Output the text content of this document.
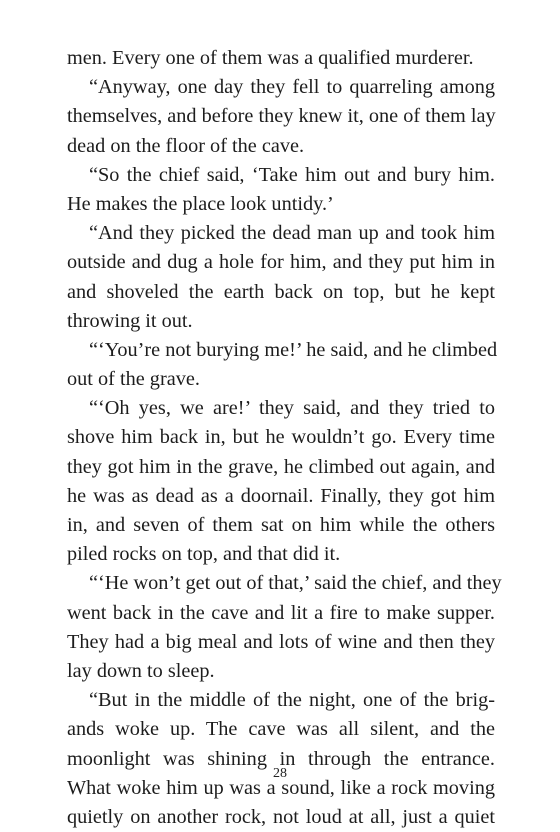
men. Every one of them was a qualified murderer.
“Anyway, one day they fell to quarreling among
themselves, and before they knew it, one of them lay
dead on the floor of the cave.
“So the chief said, ‘Take him out and bury him.
He makes the place look untidy.’
“And they picked the dead man up and took him
outside and dug a hole for him, and they put him in
and shoveled the earth back on top, but he kept
throwing it out.
“‘You’re not burying me!’ he said, and he climbed
out of the grave.
“‘Oh yes, we are!’ they said, and they tried to
shove him back in, but he wouldn’t go. Every time
they got him in the grave, he climbed out again, and
he was as dead as a doornail. Finally, they got him
in, and seven of them sat on him while the others
piled rocks on top, and that did it.
“‘He won’t get out of that,’ said the chief, and they
went back in the cave and lit a fire to make supper.
They had a big meal and lots of wine and then they
lay down to sleep.
“But in the middle of the night, one of the brig-
ands woke up. The cave was all silent, and the
moonlight was shining in through the entrance.
What woke him up was a sound, like a rock moving
quietly on another rock, not loud at all, just a quiet
28
